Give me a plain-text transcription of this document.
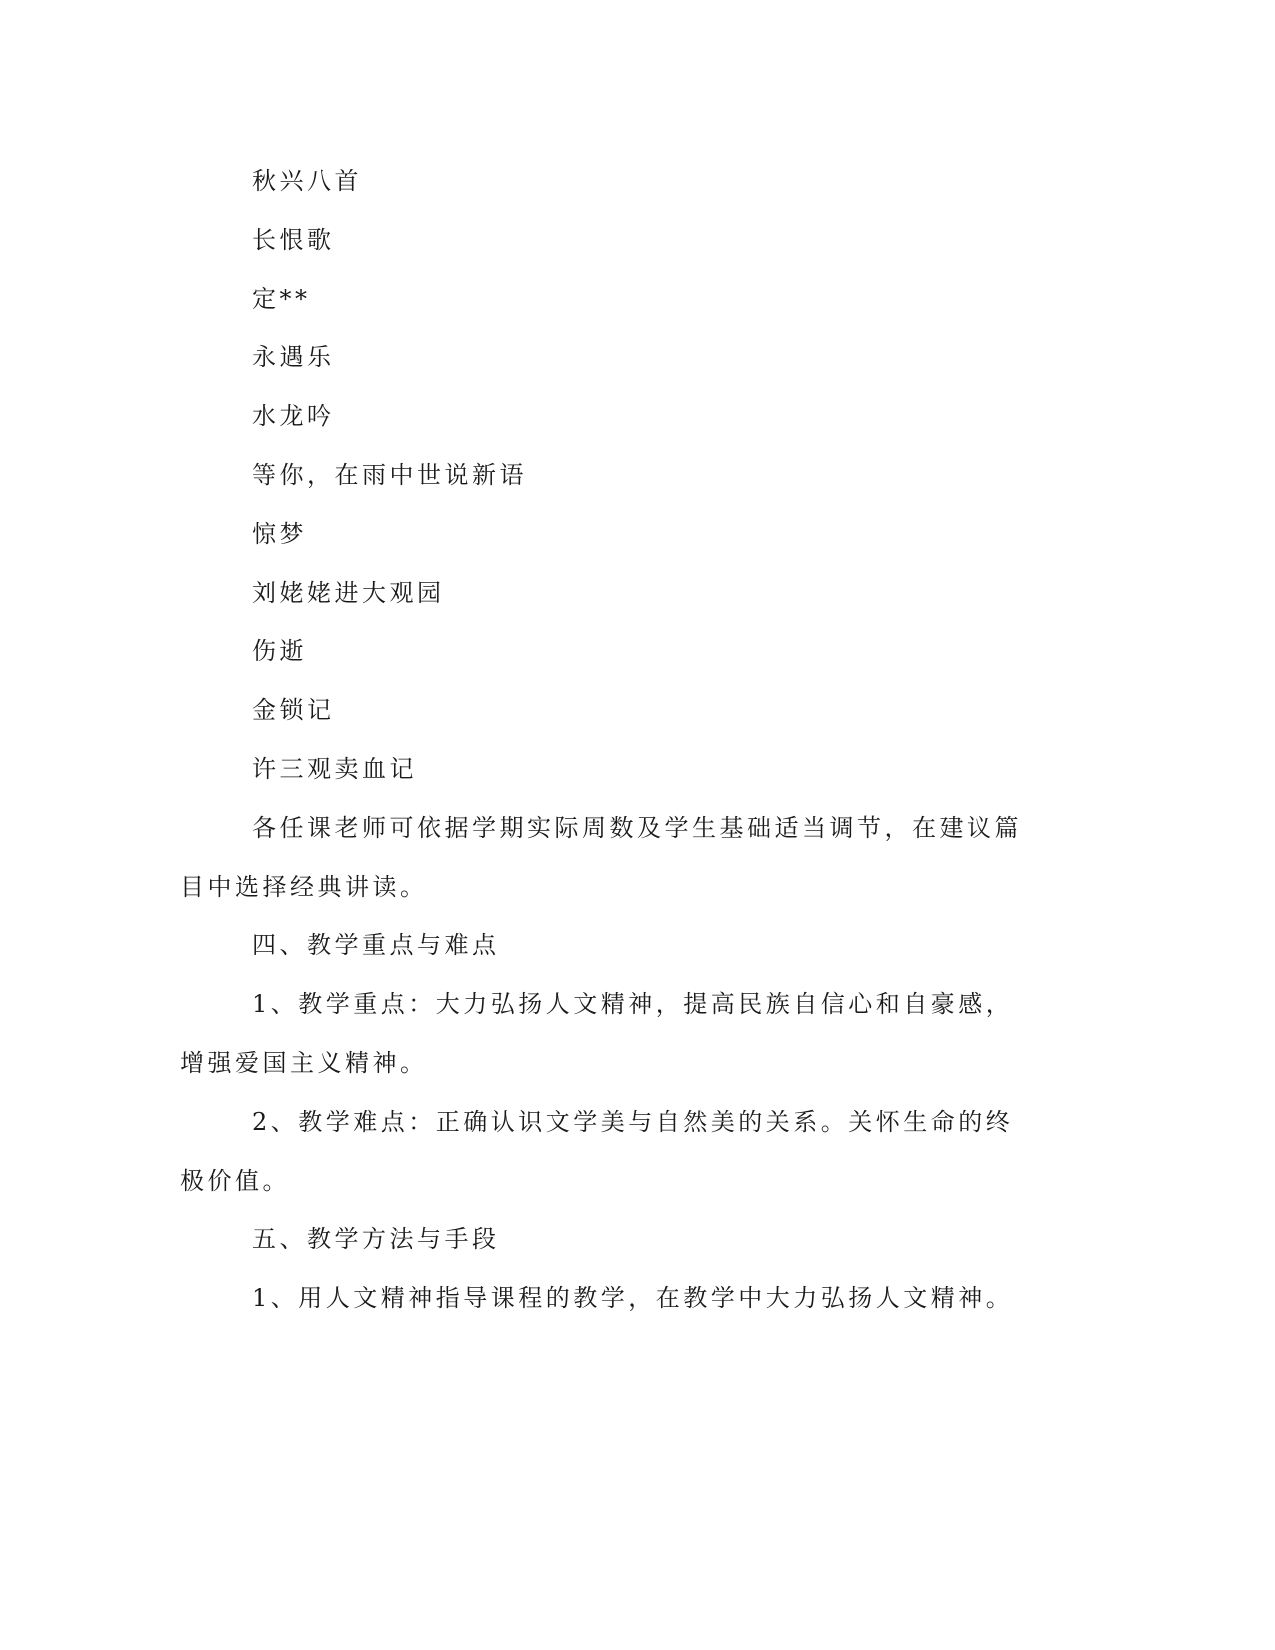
秋兴八首

长恨歌

定**

永遇乐

水龙吟

等你，在雨中世说新语

惊梦

刘姥姥进大观园

伤逝

金锁记

许三观卖血记

各任课老师可依据学期实际周数及学生基础适当调节，在建议篇

目中选择经典讲读。

四、教学重点与难点

1、教学重点：大力弘扬人文精神，提高民族自信心和自豪感，

增强爱国主义精神。

2、教学难点：正确认识文学美与自然美的关系。关怀生命的终

极价值。

五、教学方法与手段

1、用人文精神指导课程的教学，在教学中大力弘扬人文精神。
